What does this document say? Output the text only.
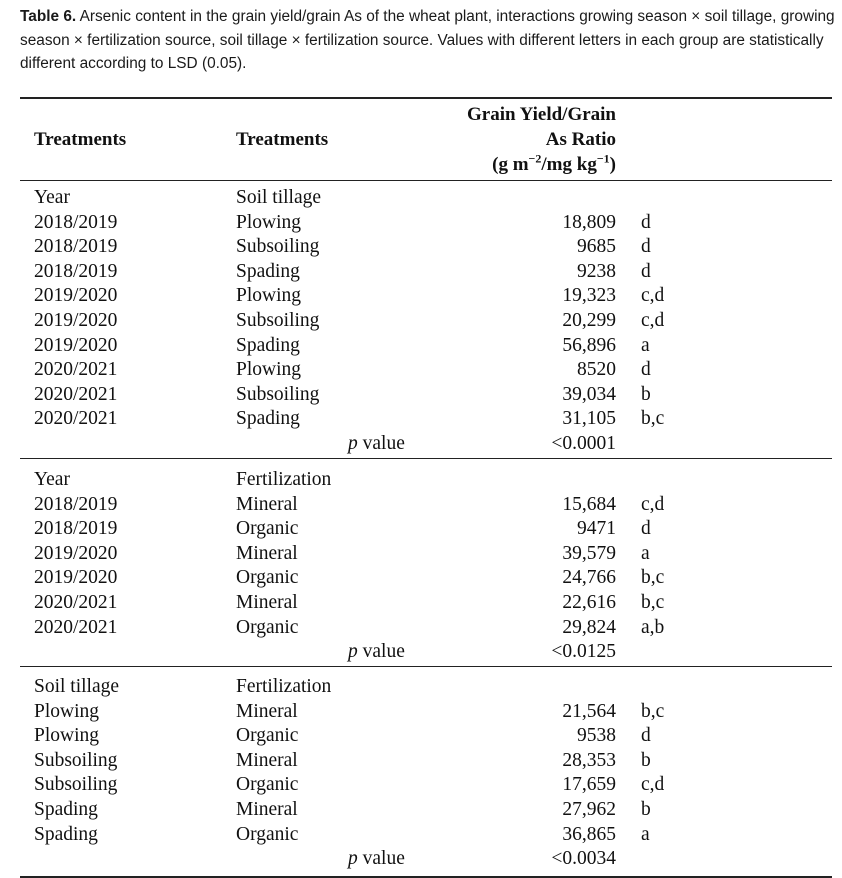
Table 6. Arsenic content in the grain yield/grain As of the wheat plant, interactions growing season × soil tillage, growing season × fertilization source, soil tillage × fertilization source. Values with different letters in each group are statistically different according to LSD (0.05).
Treatments	Treatments
Grain Yield/Grain
As Ratio
(g $m^{-2}/mg$ $kg^{-1}$)
Year	Soil tillage
2018/2019	Plowing	18,809 d
2018/2019	Subsoiling	9685 d
2018/2019	Spading	9238 d
2019/2020	Plowing	19,323 c,d
2019/2020	Subsoiling	20,299 c,d
2019/2020	Spading	56,896 a
2020/2021	Plowing	8520 d
2020/2021	Subsoiling	39,034 b
2020/2021	Spading	31,105 b,c
p value	<0.0001
Year	Fertilization
2018/2019	Mineral	15,684 c,d
2018/2019	Organic	9471 d
2019/2020	Mineral	39,579 a
2019/2020	Organic	24,766 b,c
2020/2021	Mineral	22,616 b,c
2020/2021	Organic	29,824 a,b
p value	<0.0125
Soil tillage	Fertilization
Plowing	Mineral	21,564 b,c
Plowing	Organic	9538 d
Subsoiling	Mineral	28,353 b
Subsoiling	Organic	17,659 c,d
Spading	Mineral	27,962 b
Spading	Organic	36,865 a
p value	<0.0034
